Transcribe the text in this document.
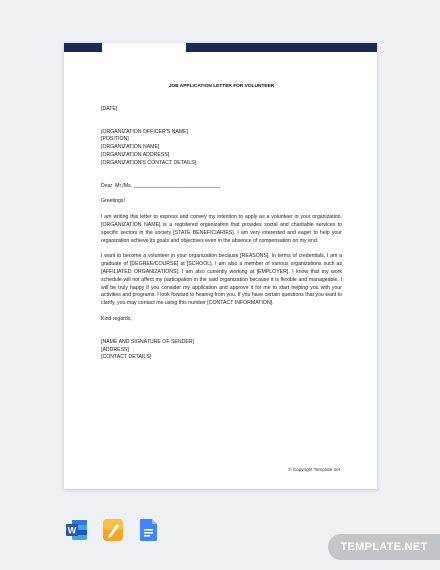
JOB APPLICATION LETTER FOR VOLUNTEER
[DATE]
[ORGANIZATION OFFICER'S NAME]
[POSITION]
[ORGANIZATION NAME]
[ORGANIZATION ADDRESS]
[ORGANIZATION'S CONTACT DETAILS]
Dear  Mr./Ms. ______________________________.
Greetings!
I am writing this letter to express and convey my intention to apply as a volunteer in your organization. [ORGANIZATION NAME] is a registered organization that provides social and charitable services to specific sectors in the society [STATE BENEFICIARIES]. I am very interested and eager to help your organization achieve its goals and objectives even in the absence of compensation on my end.
I want to become a volunteer in your organization because [REASONS]. In terms of credentials, I am a graduate of [DEGREE/COURSE] at [SCHOOL]. I am also a member of various organizations such as [AFFILIATED ORGANIZATIONS]. I am also currently working at [EMPLOYER]. I know that my work schedule will not affect my participation in the said organization because it is flexible and manageable. I will be truly happy if you consider my application and approve it for me to start helping you with your activities and programs. I look forward to hearing from you. If you have certain questions that you want to clarify, you may contact me using this number [CONTACT INFORMATION].
Kind regards,
[NAME AND SIGNATURE OF SENDER]
[ADDRESS]
[CONTACT DETAILS]
© Copyright Template.net
W
TEMPLATE.NET
